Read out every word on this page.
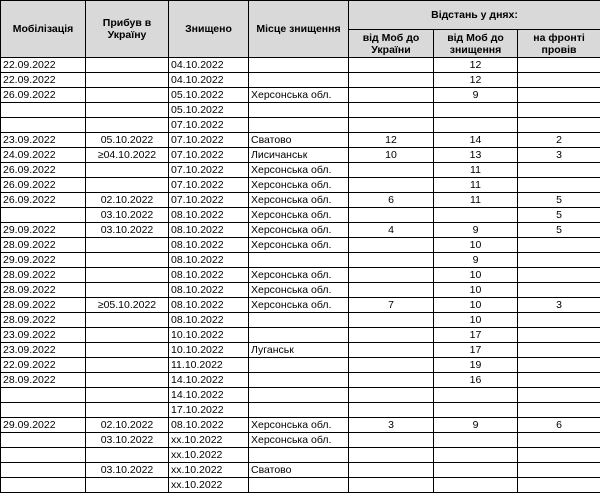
Мобілізація	Прибув в Україну	Знищено	Місце знищення	Відстань у днях:		
				від Моб до України	від Моб до знищення	на фронті провів
22.09.2022		04.10.2022			12	
22.09.2022		04.10.2022			12	
26.09.2022		05.10.2022	Херсонська обл.		9	
		05.10.2022				
		07.10.2022				
23.09.2022	05.10.2022	07.10.2022	Сватово	12	14	2
24.09.2022	≥04.10.2022	07.10.2022	Лисичанськ	10	13	3
26.09.2022		07.10.2022	Херсонська обл.		11	
26.09.2022		07.10.2022	Херсонська обл.		11	
26.09.2022	02.10.2022	07.10.2022	Херсонська обл.	6	11	5
	03.10.2022	08.10.2022	Херсонська обл.			5
29.09.2022	03.10.2022	08.10.2022	Херсонська обл.	4	9	5
28.09.2022		08.10.2022	Херсонська обл.		10	
29.09.2022		08.10.2022			9	
28.09.2022		08.10.2022	Херсонська обл.		10	
28.09.2022		08.10.2022	Херсонська обл.		10	
28.09.2022	≥05.10.2022	08.10.2022	Херсонська обл.	7	10	3
28.09.2022		08.10.2022			10	
23.09.2022		10.10.2022			17	
23.09.2022		10.10.2022	Луганськ		17	
22.09.2022		11.10.2022			19	
28.09.2022		14.10.2022			16	
		14.10.2022				
		17.10.2022				
29.09.2022	02.10.2022	08.10.2022	Херсонська обл.	3	9	6
	03.10.2022	xx.10.2022	Херсонська обл.			
		xx.10.2022				
	03.10.2022	xx.10.2022	Сватово			
		xx.10.2022				
